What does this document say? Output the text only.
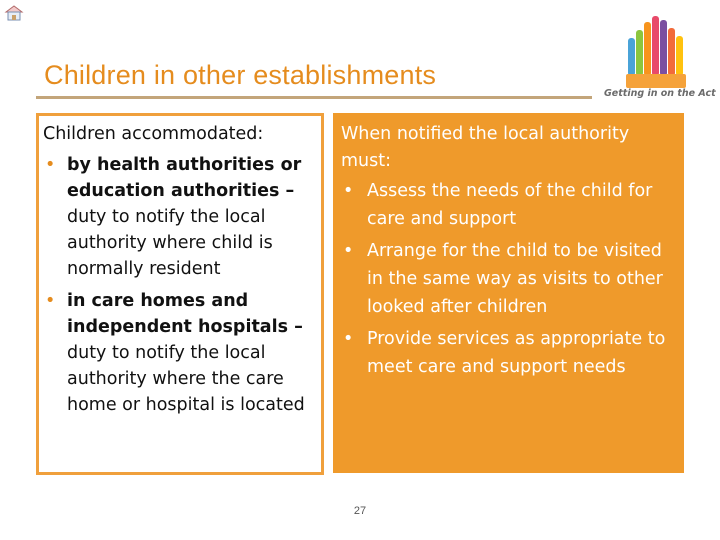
Children in other establishments
Getting in on the Act

Children accommodated:

• by health authorities or education authorities – duty to notify the local authority where child is normally resident
• in care homes and independent hospitals – duty to notify the local authority where the care home or hospital is located

When notified the local authority must:

• Assess the needs of the child for care and support
• Arrange for the child to be visited in the same way as visits to other looked after children
• Provide services as appropriate to meet care and support needs
27
